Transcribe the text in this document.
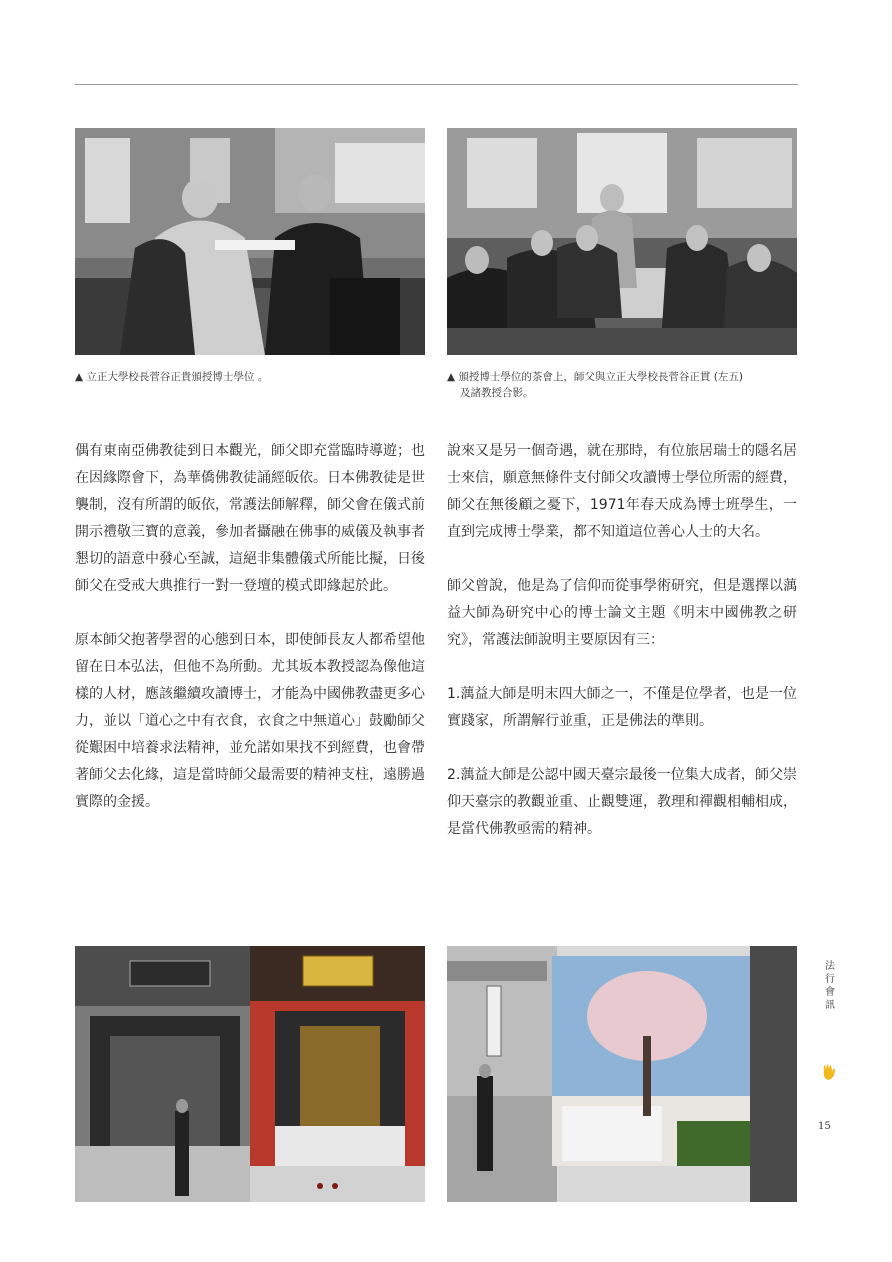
▲ 立正大學校長菅谷正貴頒授博士學位 。	▲ 頒授博士學位的茶會上，師父與立正大學校長菅谷正貫 (左五)
及諸教授合影。

偶有東南亞佛教徒到日本觀光，師父即充當臨時導遊；也在因緣際會下，為華僑佛教徒誦經皈依。日本佛教徒是世襲制，沒有所謂的皈依，常護法師解釋，師父會在儀式前開示禮敬三寶的意義，參加者攝融在佛事的威儀及執事者懇切的語意中發心至誠，這絕非集體儀式所能比擬，日後師父在受戒大典推行一對一登壇的模式即緣起於此。

原本師父抱著學習的心態到日本，即使師長友人都希望他留在日本弘法，但他不為所動。尤其坂本教授認為像他這樣的人材，應該繼續攻讀博士，才能為中國佛教盡更多心力，並以「道心之中有衣食，衣食之中無道心」鼓勵師父從艱困中培養求法精神，並允諾如果找不到經費，也會帶著師父去化緣，這是當時師父最需要的精神支柱，遠勝過實際的金援。

說來又是另一個奇遇，就在那時，有位旅居瑞士的隱名居士來信，願意無條件支付師父攻讀博士學位所需的經費，師父在無後顧之憂下，1971年春天成為博士班學生，一直到完成博士學業，都不知道這位善心人士的大名。

師父曾說，他是為了信仰而從事學術研究，但是選擇以蕅益大師為研究中心的博士論文主題《明末中國佛教之研究》，常護法師說明主要原因有三：

1.蕅益大師是明末四大師之一，不僅是位學者，也是一位實踐家，所謂解行並重，正是佛法的準則。

2.蕅益大師是公認中國天臺宗最後一位集大成者，師父崇仰天臺宗的教觀並重、止觀雙運，教理和禪觀相輔相成，是當代佛教亟需的精神。

法行會訊
15
